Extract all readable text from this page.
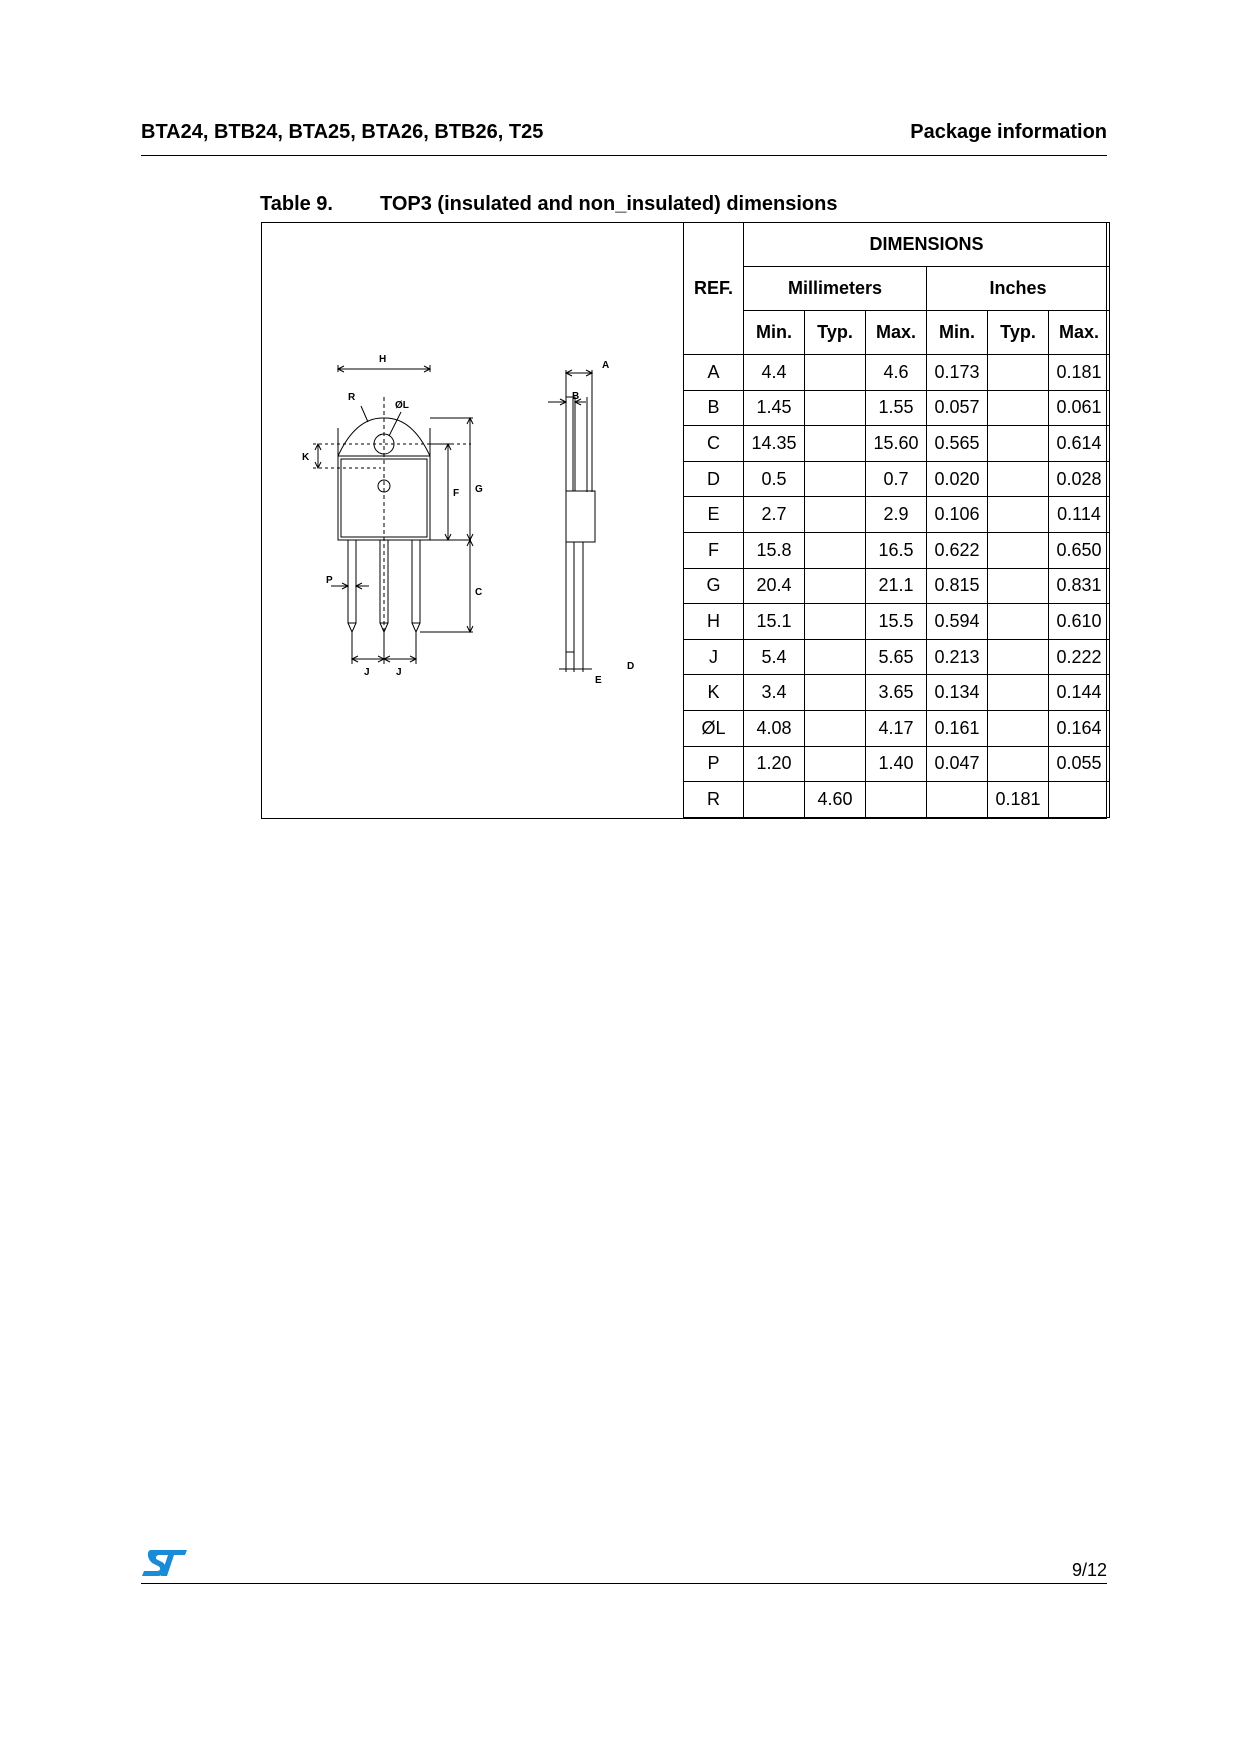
BTA24, BTB24, BTA25, BTA26, BTB26, T25	Package information
Table 9. TOP3 (insulated and non_insulated) dimensions
H
R
ØL
K
F G
P
C
J	J
A
B
D
E
REF.	DIMENSIONS					
	Millimeters			Inches		
	Min.	Typ.	Max.	Min.	Typ.	Max.
A	4.4		4.6	0.173		0.181
B	1.45		1.55	0.057		0.061
C	14.35		15.60	0.565		0.614
D	0.5		0.7	0.020		0.028
E	2.7		2.9	0.106		0.114
F	15.8		16.5	0.622		0.650
G	20.4		21.1	0.815		0.831
H	15.1		15.5	0.594		0.610
J	5.4		5.65	0.213		0.222
K	3.4		3.65	0.134		0.144
ØL	4.08		4.17	0.161		0.164
P	1.20		1.40	0.047		0.055
R		4.60			0.181	
9/12
